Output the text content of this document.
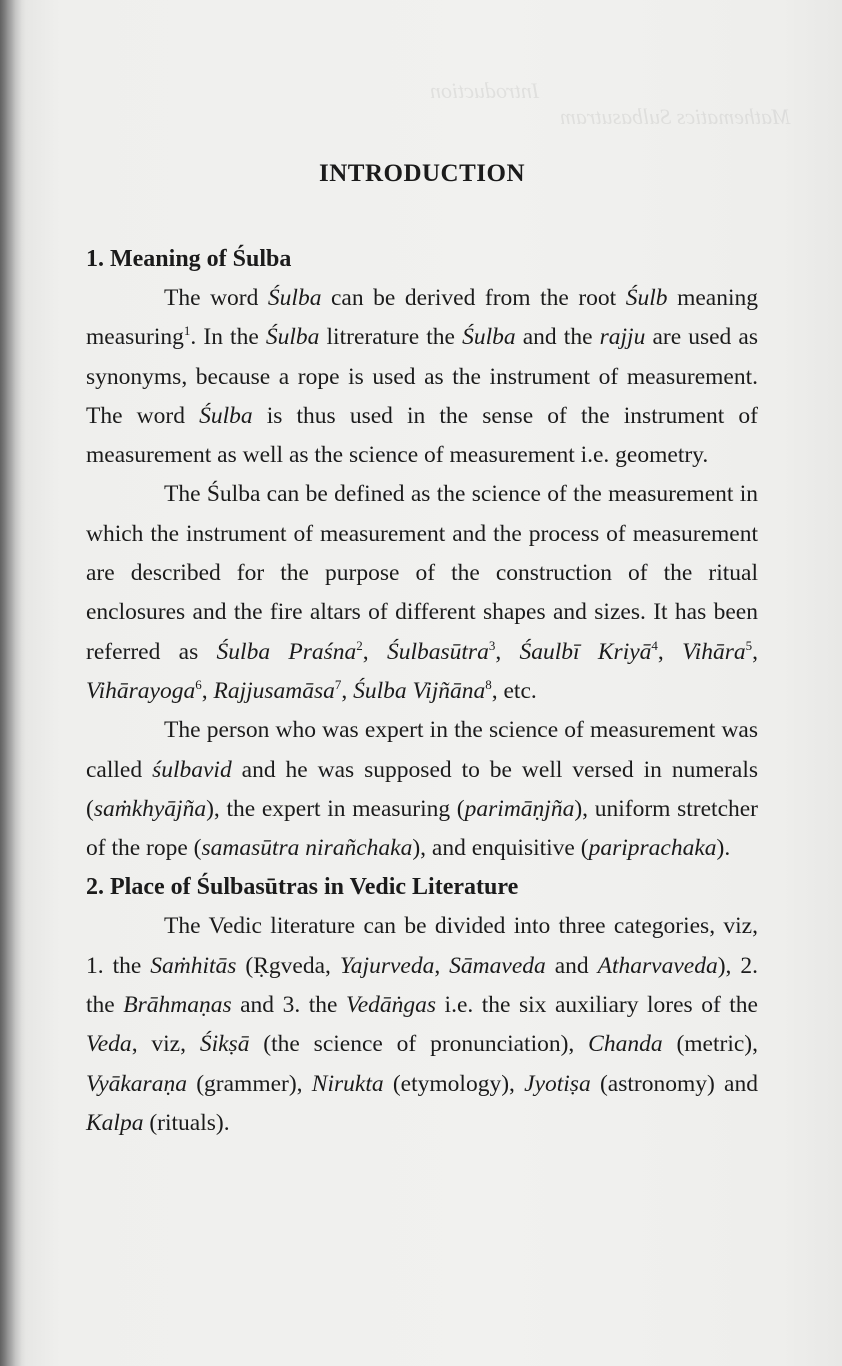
Introduction
Mathematics Sulbasutram
INTRODUCTION
1. Meaning of Śulba

The word Śulba can be derived from the root Śulb meaning measuring$^1$. In the Śulba litrerature the Śulba and the rajju are used as synonyms, because a rope is used as the instrument of measurement. The word Śulba is thus used in the sense of the instrument of measurement as well as the science of measurement i.e. geometry.

The Śulba can be defined as the science of the measurement in which the instrument of measurement and the process of measurement are described for the purpose of the construction of the ritual enclosures and the fire altars of different shapes and sizes. It has been referred as Śulba Praśna$^2$, Śulbasūtra$^3$, Śaulbī Kriyā$^4$, Vihāra$^5$, Vihārayoga$^6$, Rajjusamāsa$^7$, Śulba Vijñāna$^8$, etc.

The person who was expert in the science of measurement was called śulbavid and he was supposed to be well versed in numerals (saṁkhyājña), the expert in measuring (parimāṇjña), uniform stretcher of the rope (samasūtra nirañchaka), and enquisitive (pariprachaka).

2. Place of Śulbasūtras in Vedic Literature

The Vedic literature can be divided into three categories, viz, 1. the Saṁhitās (Ṛgveda, Yajurveda, Sāmaveda and Atharvaveda), 2. the Brāhmaṇas and 3. the Vedāṅgas i.e. the six auxiliary lores of the Veda, viz, Śikṣā (the science of pronunciation), Chanda (metric), Vyākaraṇa (grammer), Nirukta (etymology), Jyotiṣa (astronomy) and Kalpa (rituals).
